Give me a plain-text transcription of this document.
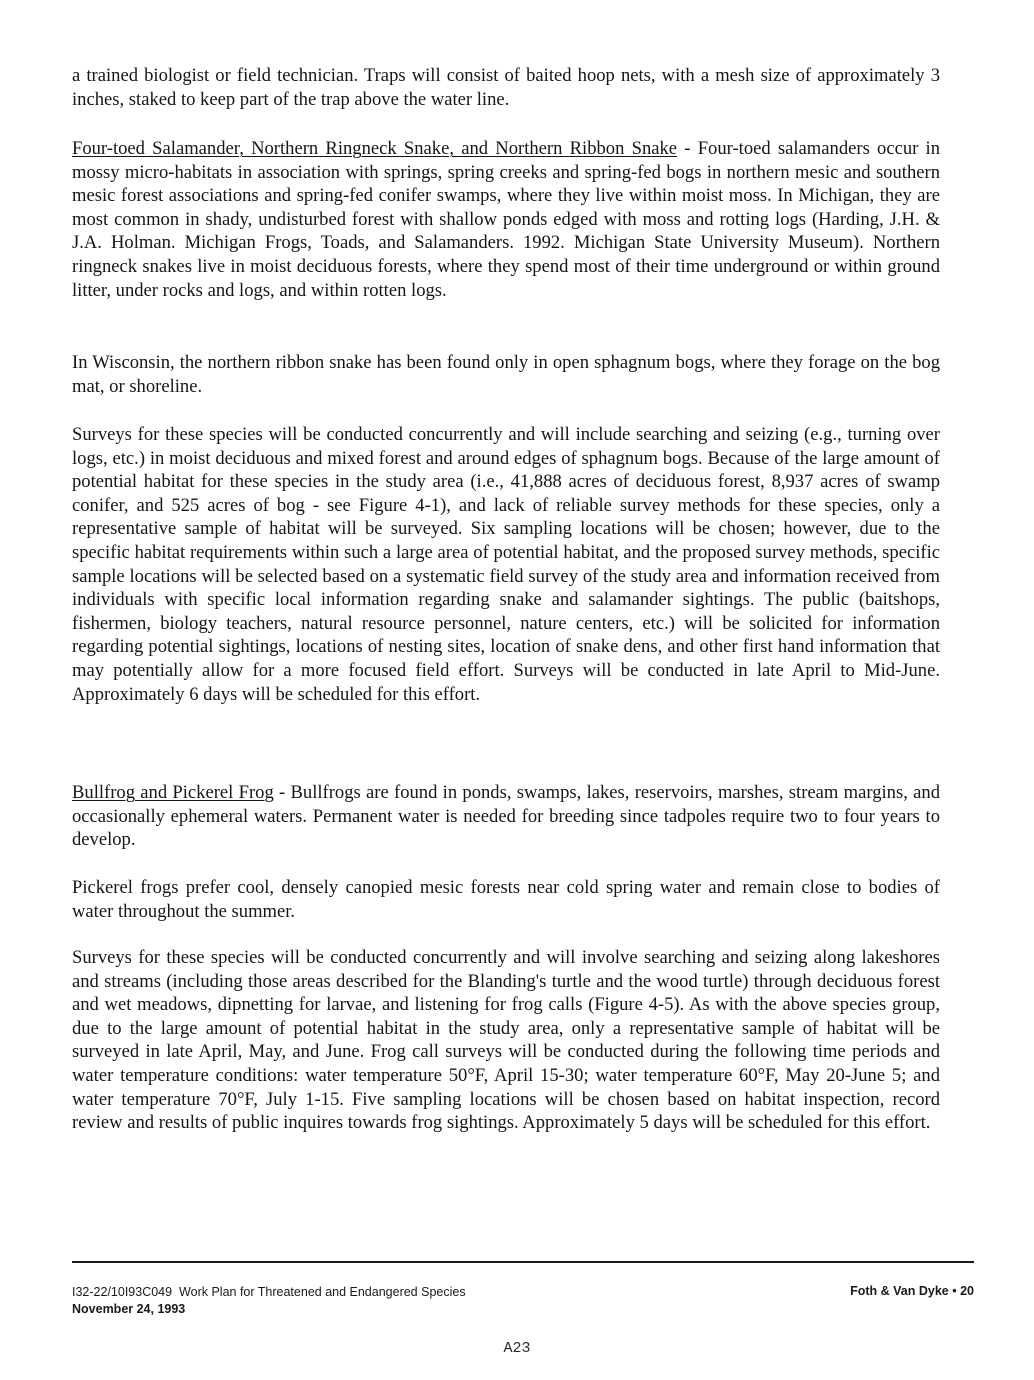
a trained biologist or field technician. Traps will consist of baited hoop nets, with a mesh size of approximately 3 inches, staked to keep part of the trap above the water line.

Four-toed Salamander, Northern Ringneck Snake, and Northern Ribbon Snake - Four-toed salamanders occur in mossy micro-habitats in association with springs, spring creeks and spring-fed bogs in northern mesic and southern mesic forest associations and spring-fed conifer swamps, where they live within moist moss. In Michigan, they are most common in shady, undisturbed forest with shallow ponds edged with moss and rotting logs (Harding, J.H. & J.A. Holman. Michigan Frogs, Toads, and Salamanders. 1992. Michigan State University Museum). Northern ringneck snakes live in moist deciduous forests, where they spend most of their time underground or within ground litter, under rocks and logs, and within rotten logs.

In Wisconsin, the northern ribbon snake has been found only in open sphagnum bogs, where they forage on the bog mat, or shoreline.

Surveys for these species will be conducted concurrently and will include searching and seizing (e.g., turning over logs, etc.) in moist deciduous and mixed forest and around edges of sphagnum bogs. Because of the large amount of potential habitat for these species in the study area (i.e., 41,888 acres of deciduous forest, 8,937 acres of swamp conifer, and 525 acres of bog - see Figure 4-1), and lack of reliable survey methods for these species, only a representative sample of habitat will be surveyed. Six sampling locations will be chosen; however, due to the specific habitat requirements within such a large area of potential habitat, and the proposed survey methods, specific sample locations will be selected based on a systematic field survey of the study area and information received from individuals with specific local information regarding snake and salamander sightings. The public (baitshops, fishermen, biology teachers, natural resource personnel, nature centers, etc.) will be solicited for information regarding potential sightings, locations of nesting sites, location of snake dens, and other first hand information that may potentially allow for a more focused field effort. Surveys will be conducted in late April to Mid-June. Approximately 6 days will be scheduled for this effort.

Bullfrog and Pickerel Frog - Bullfrogs are found in ponds, swamps, lakes, reservoirs, marshes, stream margins, and occasionally ephemeral waters. Permanent water is needed for breeding since tadpoles require two to four years to develop.

Pickerel frogs prefer cool, densely canopied mesic forests near cold spring water and remain close to bodies of water throughout the summer.

Surveys for these species will be conducted concurrently and will involve searching and seizing along lakeshores and streams (including those areas described for the Blanding's turtle and the wood turtle) through deciduous forest and wet meadows, dipnetting for larvae, and listening for frog calls (Figure 4-5). As with the above species group, due to the large amount of potential habitat in the study area, only a representative sample of habitat will be surveyed in late April, May, and June. Frog call surveys will be conducted during the following time periods and water temperature conditions: water temperature 50°F, April 15-30; water temperature 60°F, May 20-June 5; and water temperature 70°F, July 1-15. Five sampling locations will be chosen based on habitat inspection, record review and results of public inquires towards frog sightings. Approximately 5 days will be scheduled for this effort.

I32-22/10I93C049 Work Plan for Threatened and Endangered Species
November 24, 1993
Foth & Van Dyke • 20
A23
